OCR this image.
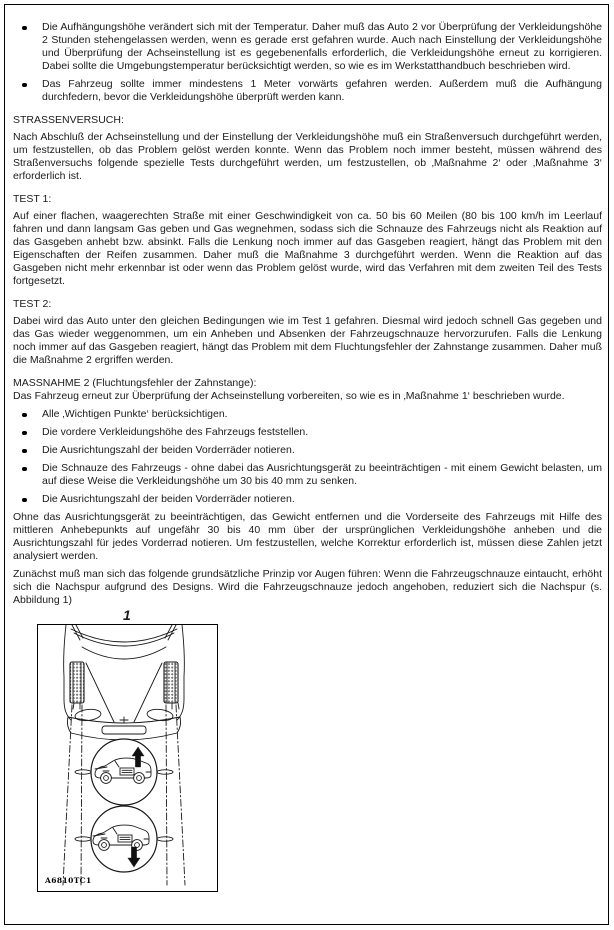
Die Aufhängungshöhe verändert sich mit der Temperatur. Daher muß das Auto 2 vor Überprüfung der Verkleidungshöhe 2 Stunden stehengelassen werden, wenn es gerade erst gefahren wurde. Auch nach Einstellung der Verkleidungshöhe und Überprüfung der Achseinstellung ist es gegebenenfalls erforderlich, die Verkleidungshöhe erneut zu korrigieren. Dabei sollte die Umgebungstemperatur berücksichtigt werden, so wie es im Werkstatthandbuch beschrieben wird.
Das Fahrzeug sollte immer mindestens 1 Meter vorwärts gefahren werden. Außerdem muß die Aufhängung durchfedern, bevor die Verkleidungshöhe überprüft werden kann.
STRASSENVERSUCH:
Nach Abschluß der Achseinstellung und der Einstellung der Verkleidungshöhe muß ein Straßenversuch durchgeführt werden, um festzustellen, ob das Problem gelöst werden konnte. Wenn das Problem noch immer besteht, müssen während des Straßenversuchs folgende spezielle Tests durchgeführt werden, um festzustellen, ob ‚Maßnahme 2‘ oder ‚Maßnahme 3‘ erforderlich ist.
TEST 1:
Auf einer flachen, waagerechten Straße mit einer Geschwindigkeit von ca. 50 bis 60 Meilen (80 bis 100 km/h im Leerlauf fahren und dann langsam Gas geben und Gas wegnehmen, sodass sich die Schnauze des Fahrzeugs nicht als Reaktion auf das Gasgeben anhebt bzw. absinkt. Falls die Lenkung noch immer auf das Gasgeben reagiert, hängt das Problem mit den Eigenschaften der Reifen zusammen. Daher muß die Maßnahme 3 durchgeführt werden. Wenn die Reaktion auf das Gasgeben nicht mehr erkennbar ist oder wenn das Problem gelöst wurde, wird das Verfahren mit dem zweiten Teil des Tests fortgesetzt.
TEST 2:
Dabei wird das Auto unter den gleichen Bedingungen wie im Test 1 gefahren. Diesmal wird jedoch schnell Gas gegeben und das Gas wieder weggenommen, um ein Anheben und Absenken der Fahrzeugschnauze hervorzurufen. Falls die Lenkung noch immer auf das Gasgeben reagiert, hängt das Problem mit dem Fluchtungsfehler der Zahnstange zusammen. Daher muß die Maßnahme 2 ergriffen werden.
MASSNAHME 2 (Fluchtungsfehler der Zahnstange):
Das Fahrzeug erneut zur Überprüfung der Achseinstellung vorbereiten, so wie es in ‚Maßnahme 1‘ beschrieben wurde.
Alle ‚Wichtigen Punkte‘ berücksichtigen.
Die vordere Verkleidungshöhe des Fahrzeugs feststellen.
Die Ausrichtungszahl der beiden Vorderräder notieren.
Die Schnauze des Fahrzeugs - ohne dabei das Ausrichtungsgerät zu beeinträchtigen - mit einem Gewicht belasten, um auf diese Weise die Verkleidungshöhe um 30 bis 40 mm zu senken.
Die Ausrichtungszahl der beiden Vorderräder notieren.
Ohne das Ausrichtungsgerät zu beeinträchtigen, das Gewicht entfernen und die Vorderseite des Fahrzeugs mit Hilfe des mittleren Anhebepunkts auf ungefähr 30 bis 40 mm über der ursprünglichen Verkleidungshöhe anheben und die Ausrichtungszahl für jedes Vorderrad notieren. Um festzustellen, welche Korrektur erforderlich ist, müssen diese Zahlen jetzt analysiert werden.
Zunächst muß man sich das folgende grundsätzliche Prinzip vor Augen führen: Wenn die Fahrzeugschnauze eintaucht, erhöht sich die Nachspur aufgrund des Designs. Wird die Fahrzeugschnauze jedoch angehoben, reduziert sich die Nachspur (s. Abbildung 1)
1
A6810TC1
